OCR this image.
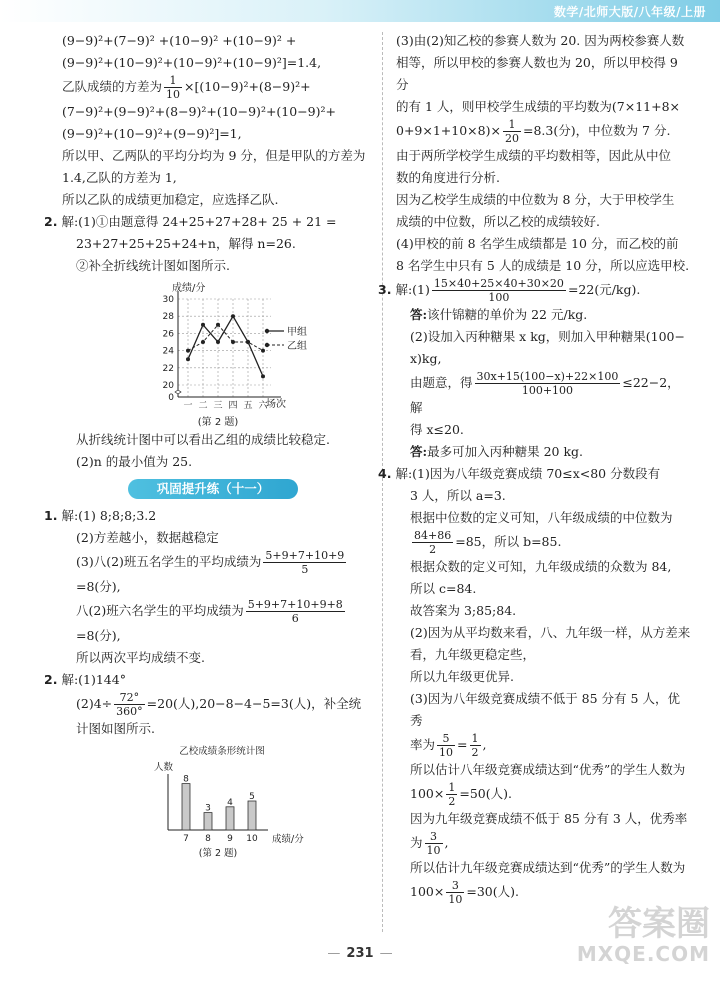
数学/北师大版/八年级/上册

(9−9)²+(7−9)² +(10−9)² +(10−9)² +

(9−9)²+(10−9)²+(10−9)²+(10−9)²]=1.4,

乙队成绩的方差为 $\frac{1}{10} \times[(10-9)^2+(8-9)^2+$

(7−9)²+(9−9)²+(8−9)²+(10−9)²+(10−9)²+

(9−9)²+(10−9)²+(9−9)²]=1,

所以甲、乙两队的平均分均为 9 分，但是甲队的方差为

1.4,乙队的方差为 1,

所以乙队的成绩更加稳定，应选择乙队.

2. 解:(1)①由题意得 24+25+27+28+ 25 + 21 =

23+27+25+25+24+n，解得 n=26.

②补全折线统计图如图所示.

0
20
22
24
26
28
30
一 二 三 四 五 六
成绩/分
场次
甲组
乙组
(第 2 题)

从折线统计图中可以看出乙组的成绩比较稳定.

(2)n 的最小值为 25.

巩固提升练（十一）

1. 解:(1) 8;8;8;3.2

(2)方差越小，数据越稳定

(3)八(2)班五名学生的平均成绩为 $\frac{5+9+7+10+9}{5}$

=8(分),

八(2)班六名学生的平均成绩为 $\frac{5+9+7+10+9+8}{6}$

=8(分),

所以两次平均成绩不变.

2. 解:(1)144°

$(2)4\div \frac{72^\circ}{360^\circ} =20$(人),20−8−4−5=3(人)，补全统

计图如图所示.

乙校成绩条形统计图
人数
成绩/分
8
7
3
8
4
9
5
10
(第 2 题)

(3)由(2)知乙校的参赛人数为 20. 因为两校参赛人数

相等，所以甲校的参赛人数也为 20，所以甲校得 9 分

的有 1 人，则甲校学生成绩的平均数为(7×11+8×

$0+9\times 1+10\times 8)\times \frac{1}{20} =8.3$(分)，中位数为 7 分.

由于两所学校学生成绩的平均数相等，因此从中位

数的角度进行分析.

因为乙校学生成绩的中位数为 8 分，大于甲校学生

成绩的中位数，所以乙校的成绩较好.

(4)甲校的前 8 名学生成绩都是 10 分，而乙校的前

8 名学生中只有 5 人的成绩是 10 分，所以应选甲校.

3. 解:(1) $\frac{15\times 40+25\times 40+30\times 20}{100} =22$(元/kg).

答:该什锦糖的单价为 22 元/kg.

(2)设加入丙种糖果 x kg，则加入甲种糖果(100−

x)kg,

由题意，得 $\frac{30x+15(100-x)+22\times 100}{100+100} \le 22-2$，解

得 x≤20.

答:最多可加入丙种糖果 20 kg.

4. 解:(1)因为八年级竞赛成绩 70≤x<80 分数段有

3 人，所以 a=3.

根据中位数的定义可知，八年级成绩的中位数为

$\frac{84+86}{2} =85$，所以 b=85.

根据众数的定义可知，九年级成绩的众数为 84,

所以 c=84.

故答案为 3;85;84.

(2)因为从平均数来看，八、九年级一样，从方差来

看，九年级更稳定些，

所以九年级更优异.

(3)因为八年级竞赛成绩不低于 85 分有 5 人，优秀

率为 $\frac{5}{10} = \frac{1}{2}$ ,

所以估计八年级竞赛成绩达到“优秀”的学生人数为

$100\times \frac{1}{2} =50$(人).

因为九年级竞赛成绩不低于 85 分有 3 人，优秀率为 $\frac{3}{10}$ ,

所以估计九年级竞赛成绩达到“优秀”的学生人数为

$100\times \frac{3}{10} =30$(人).

— 231 —
答案圈
MXQE.COM
